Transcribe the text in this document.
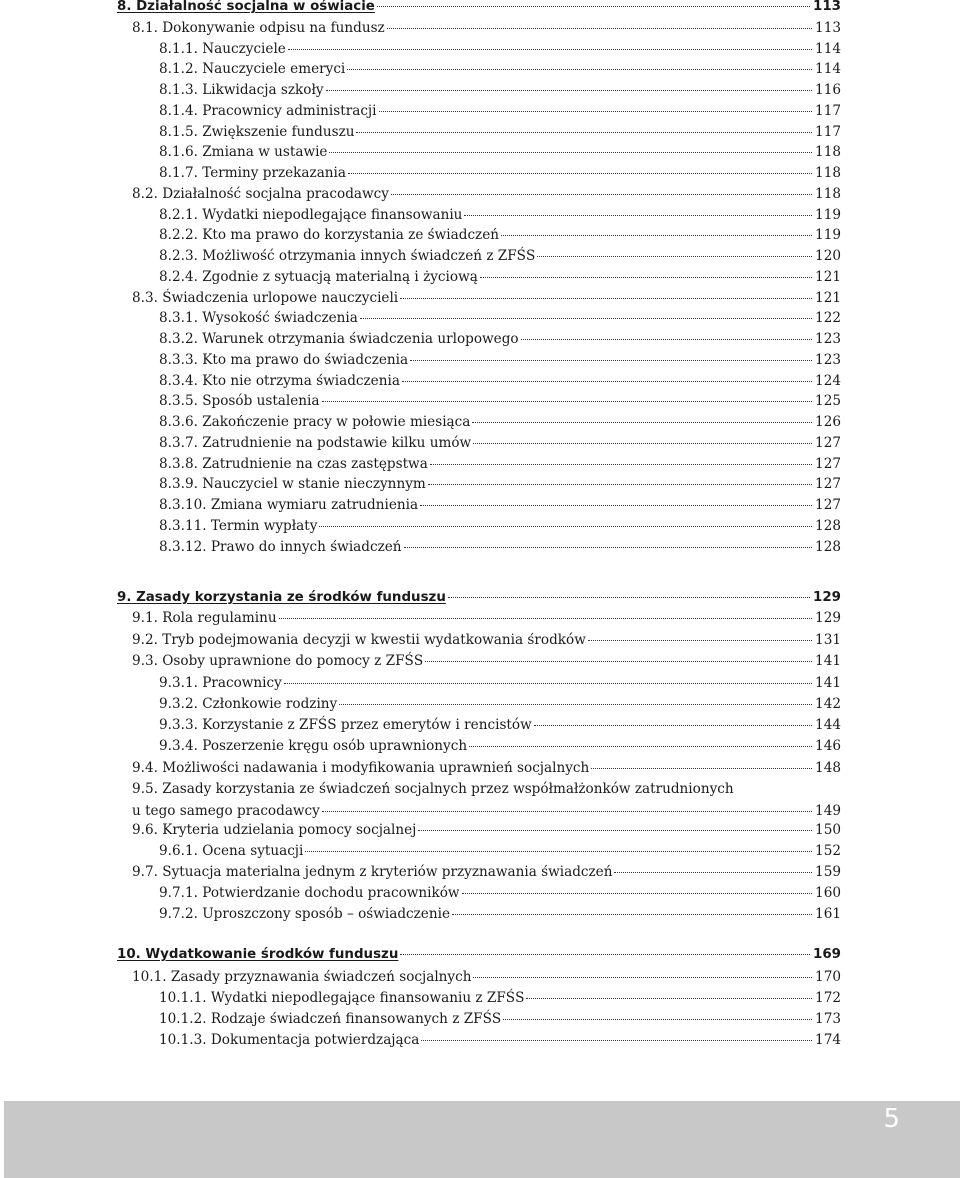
8. Działalność socjalna w oświacie	113
8.1. Dokonywanie odpisu na fundusz	113
8.1.1. Nauczyciele	114
8.1.2. Nauczyciele emeryci	114
8.1.3. Likwidacja szkoły	116
8.1.4. Pracownicy administracji	117
8.1.5. Zwiększenie funduszu	117
8.1.6. Zmiana w ustawie	118
8.1.7. Terminy przekazania	118
8.2. Działalność socjalna pracodawcy	118
8.2.1. Wydatki niepodlegające finansowaniu	119
8.2.2. Kto ma prawo do korzystania ze świadczeń	119
8.2.3. Możliwość otrzymania innych świadczeń z ZFŚS	120
8.2.4. Zgodnie z sytuacją materialną i życiową	121
8.3. Świadczenia urlopowe nauczycieli	121
8.3.1. Wysokość świadczenia	122
8.3.2. Warunek otrzymania świadczenia urlopowego	123
8.3.3. Kto ma prawo do świadczenia	123
8.3.4. Kto nie otrzyma świadczenia	124
8.3.5. Sposób ustalenia	125
8.3.6. Zakończenie pracy w połowie miesiąca	126
8.3.7. Zatrudnienie na podstawie kilku umów	127
8.3.8. Zatrudnienie na czas zastępstwa	127
8.3.9. Nauczyciel w stanie nieczynnym	127
8.3.10. Zmiana wymiaru zatrudnienia	127
8.3.11. Termin wypłaty	128
8.3.12. Prawo do innych świadczeń	128
9. Zasady korzystania ze środków funduszu	129
9.1. Rola regulaminu	129
9.2. Tryb podejmowania decyzji w kwestii wydatkowania środków	131
9.3. Osoby uprawnione do pomocy z ZFŚS	141
9.3.1. Pracownicy	141
9.3.2. Członkowie rodziny	142
9.3.3. Korzystanie z ZFŚS przez emerytów i rencistów	144
9.3.4. Poszerzenie kręgu osób uprawnionych	146
9.4. Możliwości nadawania i modyfikowania uprawnień socjalnych	148
9.5. Zasady korzystania ze świadczeń socjalnych przez współmałżonków zatrudnionych
u tego samego pracodawcy	149
9.6. Kryteria udzielania pomocy socjalnej	150
9.6.1. Ocena sytuacji	152
9.7. Sytuacja materialna jednym z kryteriów przyznawania świadczeń	159
9.7.1. Potwierdzanie dochodu pracowników	160
9.7.2. Uproszczony sposób – oświadczenie	161
10. Wydatkowanie środków funduszu	169
10.1. Zasady przyznawania świadczeń socjalnych	170
10.1.1. Wydatki niepodlegające finansowaniu z ZFŚS	172
10.1.2. Rodzaje świadczeń finansowanych z ZFŚS	173
10.1.3. Dokumentacja potwierdzająca	174
5
